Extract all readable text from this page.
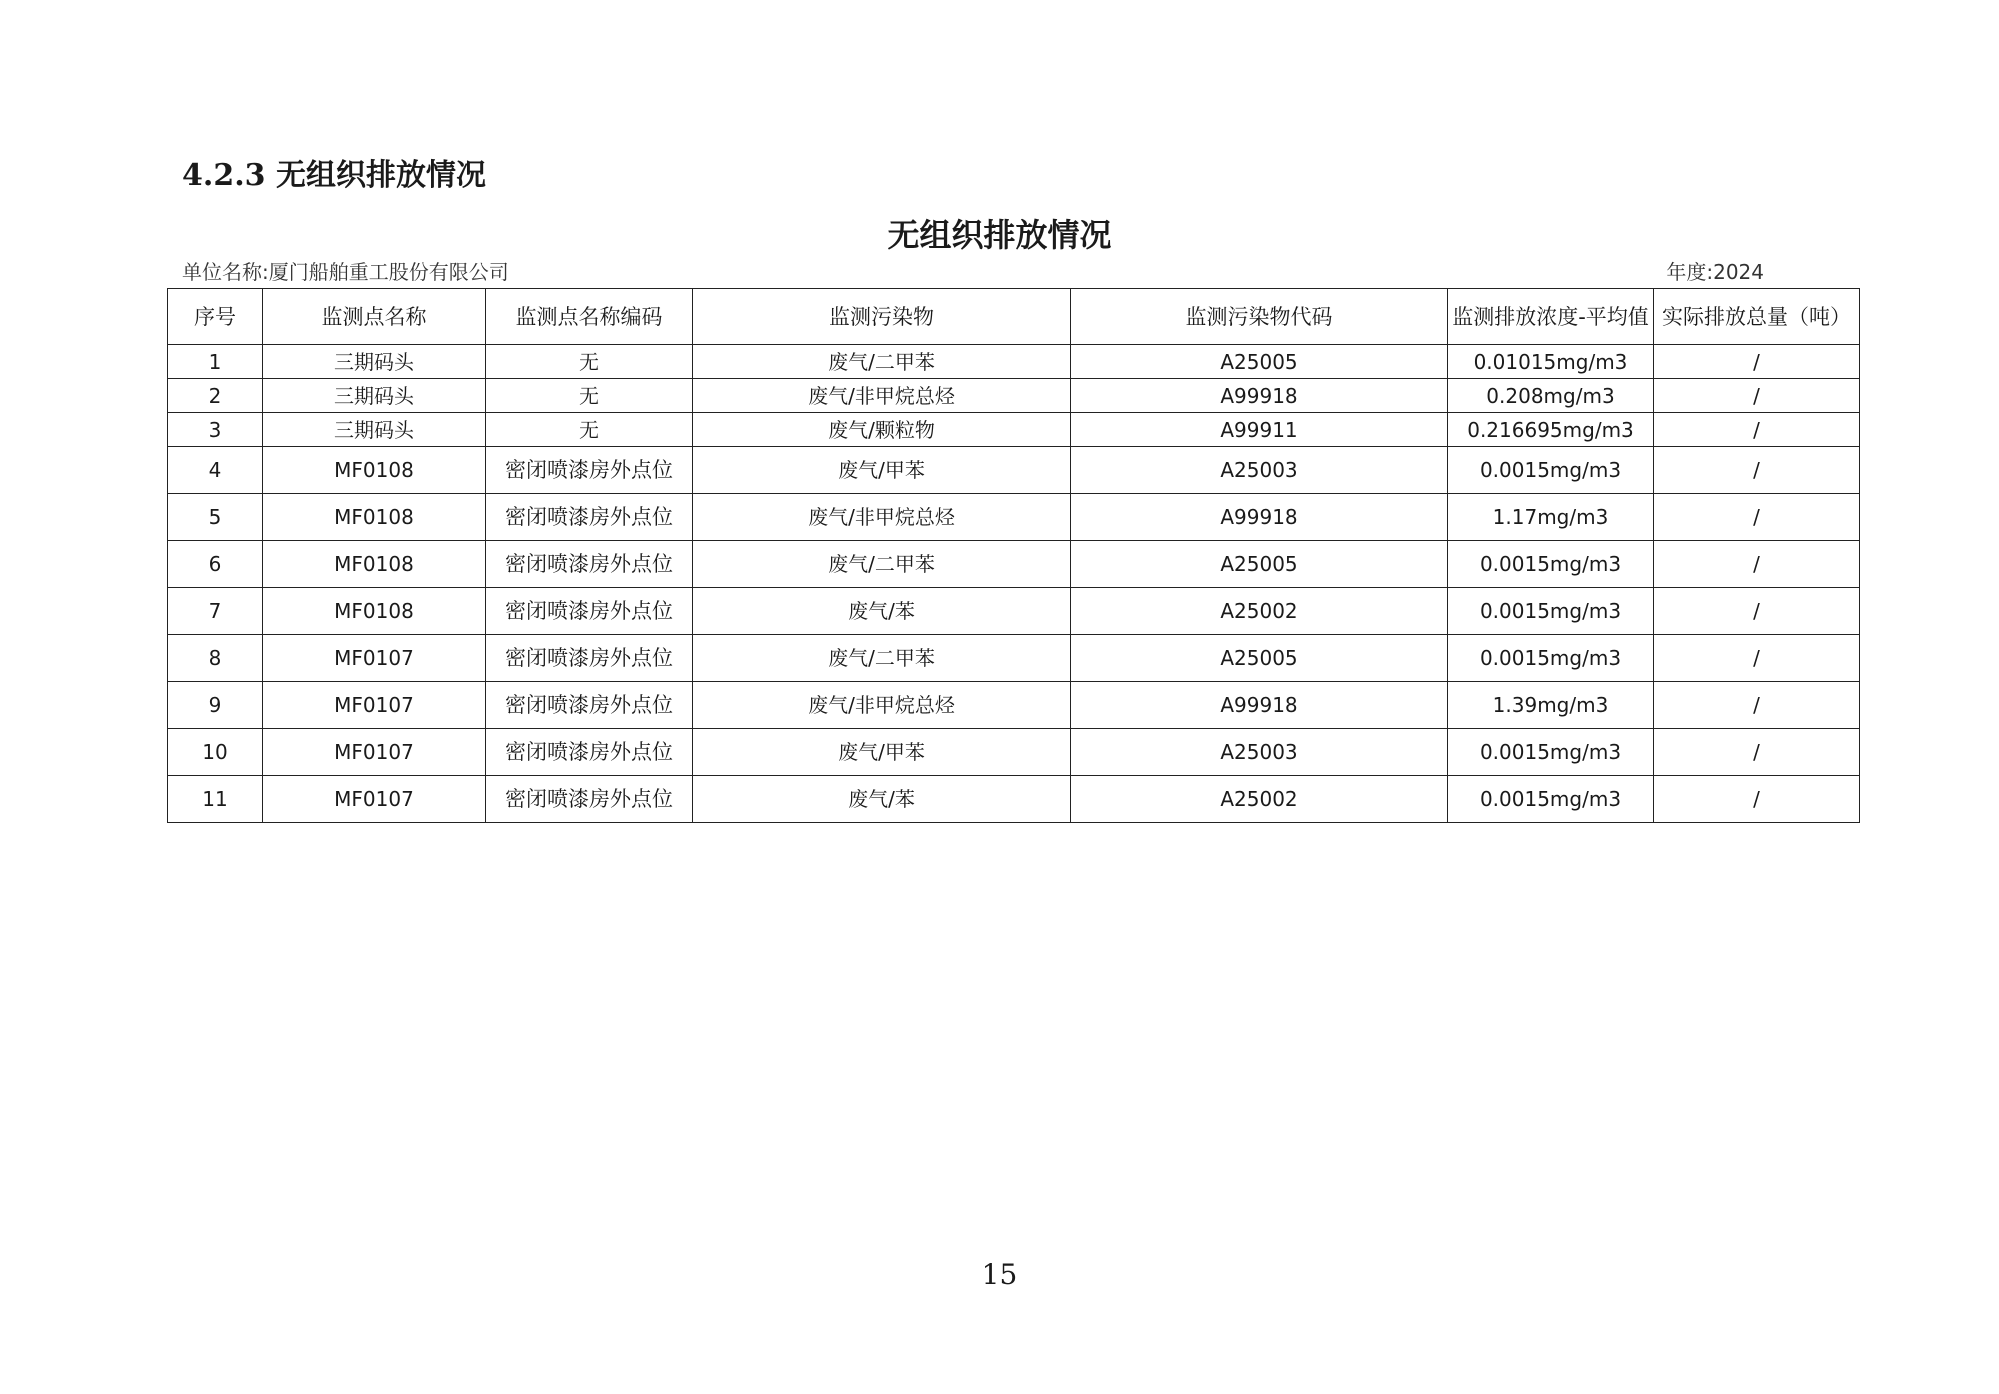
4.2.3 无组织排放情况
无组织排放情况
单位名称:厦门船舶重工股份有限公司	年度:2024
序号	监测点名称	监测点名称编码	监测污染物	监测污染物代码	监测排放浓度-平均值	实际排放总量（吨）
1	三期码头	无	废气/二甲苯	A25005	0.01015mg/m3	/
2	三期码头	无	废气/非甲烷总烃	A99918	0.208mg/m3	/
3	三期码头	无	废气/颗粒物	A99911	0.216695mg/m3	/
4	MF0108	密闭喷漆房外点位	废气/甲苯	A25003	0.0015mg/m3	/
5	MF0108	密闭喷漆房外点位	废气/非甲烷总烃	A99918	1.17mg/m3	/
6	MF0108	密闭喷漆房外点位	废气/二甲苯	A25005	0.0015mg/m3	/
7	MF0108	密闭喷漆房外点位	废气/苯	A25002	0.0015mg/m3	/
8	MF0107	密闭喷漆房外点位	废气/二甲苯	A25005	0.0015mg/m3	/
9	MF0107	密闭喷漆房外点位	废气/非甲烷总烃	A99918	1.39mg/m3	/
10	MF0107	密闭喷漆房外点位	废气/甲苯	A25003	0.0015mg/m3	/
11	MF0107	密闭喷漆房外点位	废气/苯	A25002	0.0015mg/m3	/
15
